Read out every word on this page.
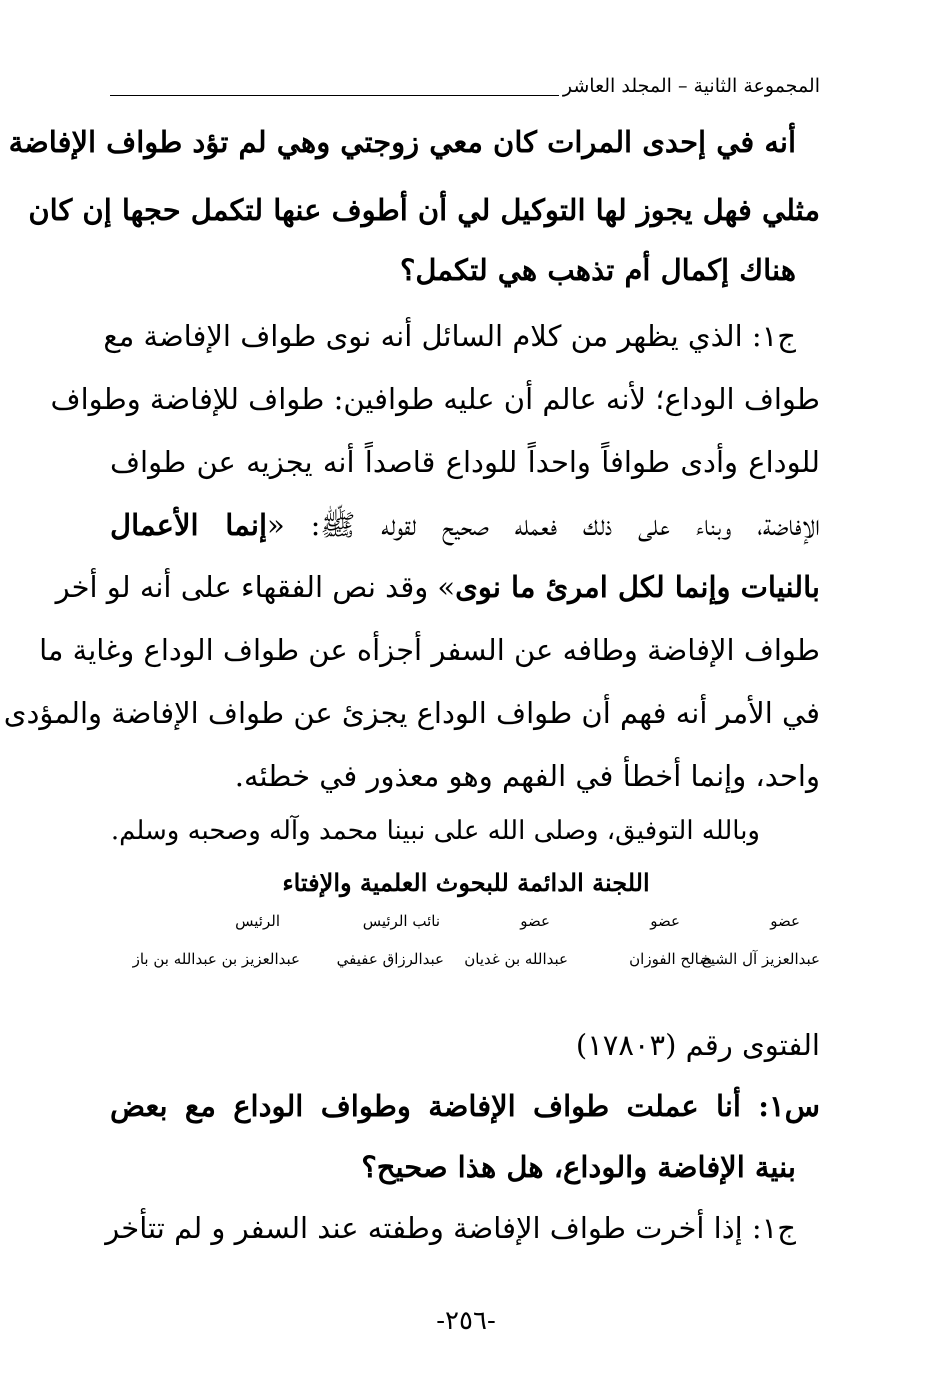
المجموعة الثانية – المجلد العاشر
أنه في إحدى المرات كان معي زوجتي وهي لم تؤد طواف الإفاضة
مثلي فهل يجوز لها التوكيل لي أن أطوف عنها لتكمل حجها إن كان
هناك إكمال أم تذهب هي لتكمل؟
ج١: الذي يظهر من كلام السائل أنه نوى طواف الإفاضة مع
طواف الوداع؛ لأنه عالم أن عليه طوافين: طواف للإفاضة وطواف
للوداع وأدى طوافاً واحداً للوداع قاصداً أنه يجزيه عن طواف
الإفاضة، وبناء على ذلك فعمله صحيح لقوله ﷺ: «إنما الأعمال
بالنيات وإنما لكل امرئ ما نوى» وقد نص الفقهاء على أنه لو أخر
طواف الإفاضة وطافه عن السفر أجزأه عن طواف الوداع وغاية ما
في الأمر أنه فهم أن طواف الوداع يجزئ عن طواف الإفاضة والمؤدى
واحد، وإنما أخطأ في الفهم وهو معذور في خطئه.
وبالله التوفيق، وصلى الله على نبينا محمد وآله وصحبه وسلم.
اللجنة الدائمة للبحوث العلمية والإفتاء
عضو
عضو
عضو
نائب الرئيس
الرئيس
عبدالعزيز آل الشيخ
صالح الفوزان
عبدالله بن غديان
عبدالرزاق عفيفي
عبدالعزيز بن عبدالله بن باز
الفتوى رقم (١٧٨٠٣)
س١: أنا عملت طواف الإفاضة وطواف الوداع مع بعض
بنية الإفاضة والوداع، هل هذا صحيح؟
ج١: إذا أخرت طواف الإفاضة وطفته عند السفر و لم تتأخر
-٢٥٦-
